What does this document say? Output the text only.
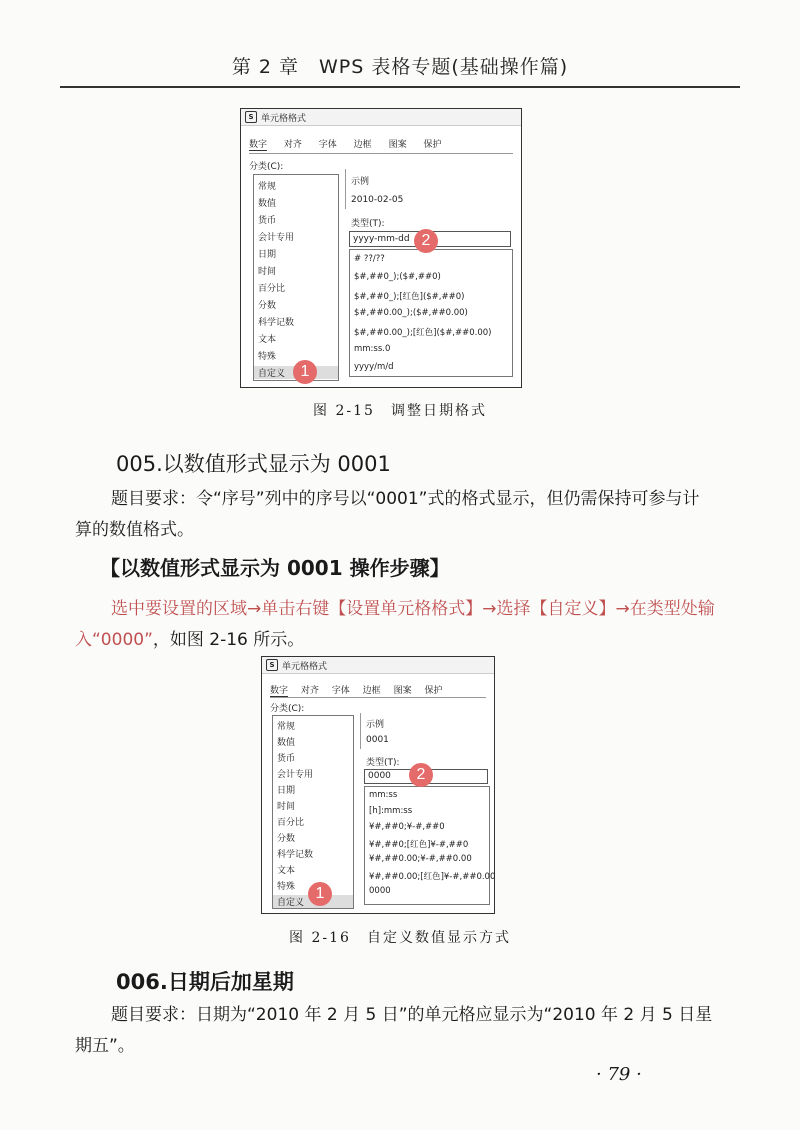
第 2 章　WPS 表格专题(基础操作篇)
S 单元格格式
数字 对齐 字体 边框 图案 保护
分类(C):
常规
数值
货币
会计专用
日期
时间
百分比
分数
科学记数
文本
特殊
自定义
示例
2010-02-05
类型(T):
yyyy-mm-dd
# ??/??
$#,##0_);($#,##0)
$#,##0_);[红色]($#,##0)
$#,##0.00_);($#,##0.00)
$#,##0.00_);[红色]($#,##0.00)
mm:ss.0
yyyy/m/d
1
2
图 2-15　调整日期格式
005.以数值形式显示为 0001
题目要求：令“序号”列中的序号以“0001”式的格式显示，但仍需保持可参与计算的数值格式。
【以数值形式显示为 0001 操作步骤】
选中要设置的区域→单击右键【设置单元格格式】→选择【自定义】→在类型处输入“0000”，如图 2-16 所示。
S 单元格格式
数字 对齐 字体 边框 图案 保护
分类(C):
常规
数值
货币
会计专用
日期
时间
百分比
分数
科学记数
文本
特殊
自定义
示例
0001
类型(T):
0000
mm:ss
[h]:mm:ss
¥#,##0;¥-#,##0
¥#,##0;[红色]¥-#,##0
¥#,##0.00;¥-#,##0.00
¥#,##0.00;[红色]¥-#,##0.00
0000
1
2
图 2-16　自定义数值显示方式
006.日期后加星期
题目要求：日期为“2010 年 2 月 5 日”的单元格应显示为“2010 年 2 月 5 日星期五”。
· 79 ·
